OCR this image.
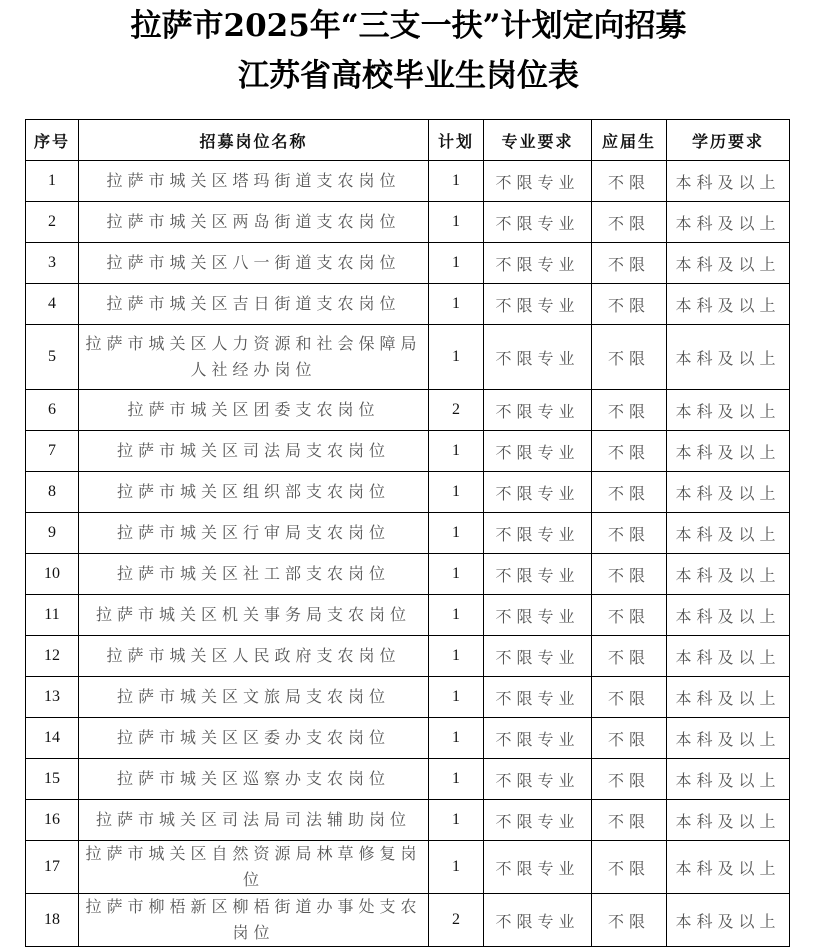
拉萨市2025年“三支一扶”计划定向招募
江苏省高校毕业生岗位表
序号	招募岗位名称	计划	专业要求	应届生	学历要求
1	拉萨市城关区塔玛街道支农岗位	1	不限专业	不限	本科及以上
2	拉萨市城关区两岛街道支农岗位	1	不限专业	不限	本科及以上
3	拉萨市城关区八一街道支农岗位	1	不限专业	不限	本科及以上
4	拉萨市城关区吉日街道支农岗位	1	不限专业	不限	本科及以上
5	拉萨市城关区人力资源和社会保障局人社经办岗位	1	不限专业	不限	本科及以上
6	拉萨市城关区团委支农岗位	2	不限专业	不限	本科及以上
7	拉萨市城关区司法局支农岗位	1	不限专业	不限	本科及以上
8	拉萨市城关区组织部支农岗位	1	不限专业	不限	本科及以上
9	拉萨市城关区行审局支农岗位	1	不限专业	不限	本科及以上
10	拉萨市城关区社工部支农岗位	1	不限专业	不限	本科及以上
11	拉萨市城关区机关事务局支农岗位	1	不限专业	不限	本科及以上
12	拉萨市城关区人民政府支农岗位	1	不限专业	不限	本科及以上
13	拉萨市城关区文旅局支农岗位	1	不限专业	不限	本科及以上
14	拉萨市城关区区委办支农岗位	1	不限专业	不限	本科及以上
15	拉萨市城关区巡察办支农岗位	1	不限专业	不限	本科及以上
16	拉萨市城关区司法局司法辅助岗位	1	不限专业	不限	本科及以上
17	拉萨市城关区自然资源局林草修复岗位	1	不限专业	不限	本科及以上
18	拉萨市柳梧新区柳梧街道办事处支农岗位	2	不限专业	不限	本科及以上
